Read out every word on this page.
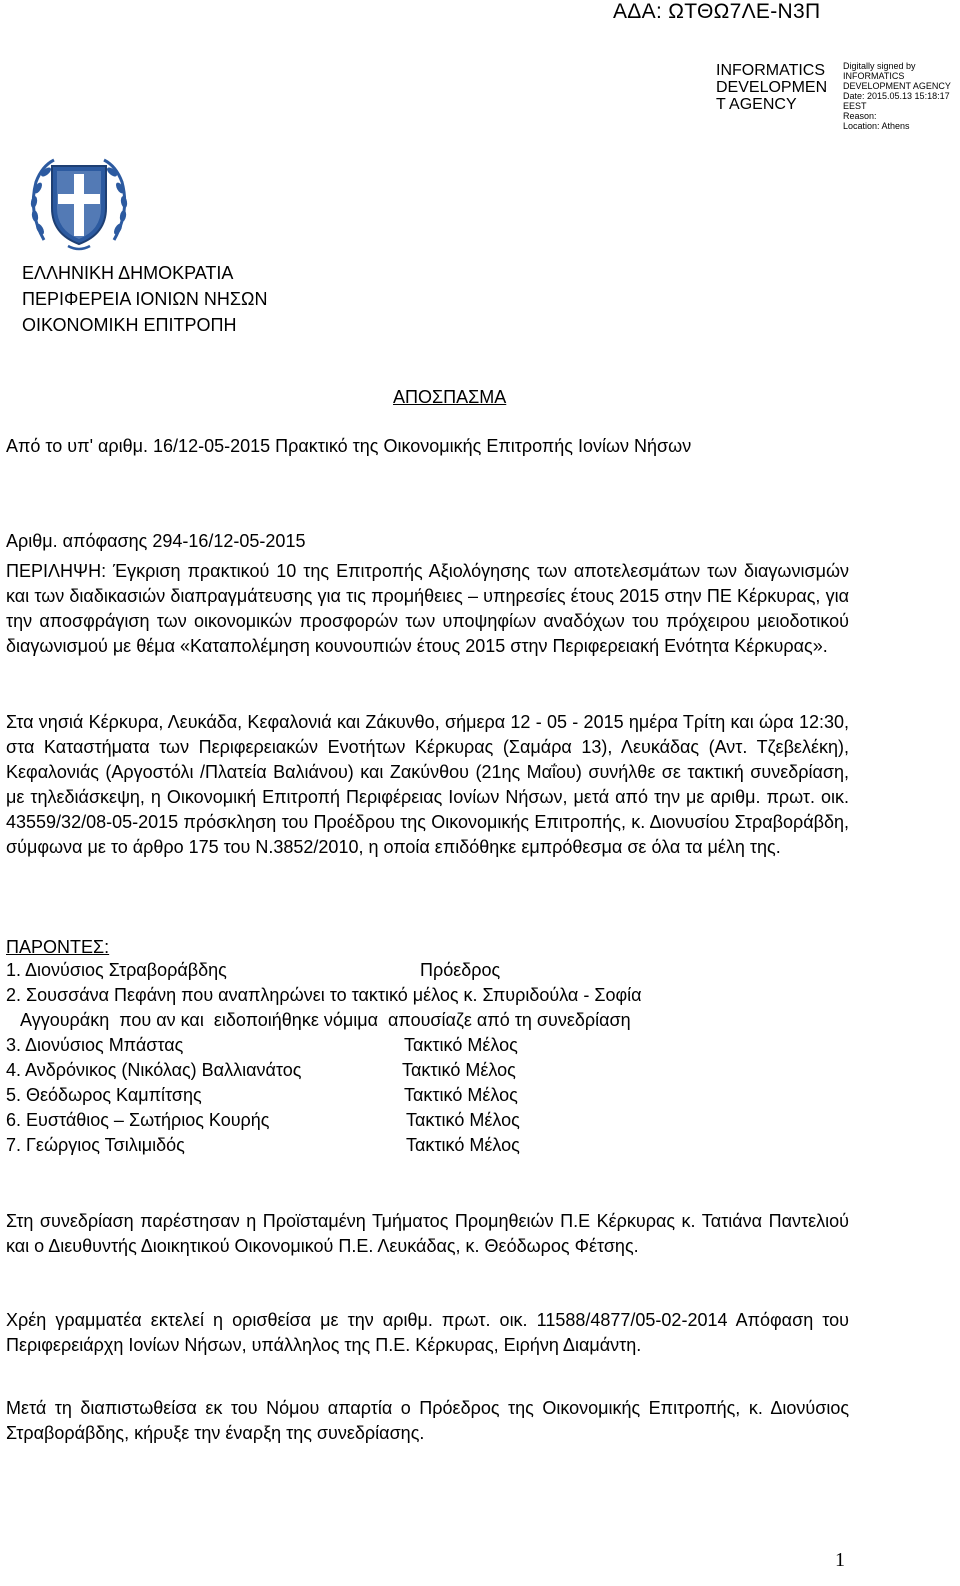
ΑΔΑ: ΩΤΘΩ7ΛΕ-Ν3Π
INFORMATICS
DEVELOPMEN
T AGENCY
Digitally signed by
INFORMATICS
DEVELOPMENT AGENCY
Date: 2015.05.13 15:18:17
EEST
Reason:
Location: Athens
ΕΛΛΗΝΙΚΗ ΔΗΜΟΚΡΑΤΙΑ
ΠΕΡΙΦΕΡΕΙΑ ΙΟΝΙΩΝ ΝΗΣΩΝ
ΟΙΚΟΝΟΜΙΚΗ ΕΠΙΤΡΟΠΗ
ΑΠΟΣΠΑΣΜΑ
Από το υπ' αριθμ. 16/12-05-2015 Πρακτικό της Οικονομικής Επιτροπής Ιονίων Νήσων
Αριθμ. απόφασης 294-16/12-05-2015
ΠΕΡΙΛΗΨΗ: Έγκριση πρακτικού 10 της Επιτροπής Αξιολόγησης των αποτελεσμάτων των διαγωνισμών και των διαδικασιών διαπραγμάτευσης για τις προμήθειες – υπηρεσίες έτους 2015 στην ΠΕ Κέρκυρας, για την αποσφράγιση των οικονομικών προσφορών των υποψηφίων αναδόχων του πρόχειρου μειοδοτικού διαγωνισμού με θέμα «Καταπολέμηση κουνουπιών έτους 2015 στην Περιφερειακή Ενότητα Κέρκυρας».
Στα νησιά Κέρκυρα, Λευκάδα, Κεφαλονιά και Ζάκυνθο, σήμερα 12 - 05 - 2015 ημέρα Τρίτη και ώρα 12:30, στα Καταστήματα των Περιφερειακών Ενοτήτων Κέρκυρας (Σαμάρα 13), Λευκάδας (Αντ. Τζεβελέκη), Κεφαλονιάς (Αργοστόλι /Πλατεία Βαλιάνου) και Ζακύνθου (21ης Μαΐου) συνήλθε σε τακτική συνεδρίαση, με τηλεδιάσκεψη, η Οικονομική Επιτροπή Περιφέρειας Ιονίων Νήσων, μετά από την με αριθμ. πρωτ. οικ. 43559/32/08-05-2015 πρόσκληση του Προέδρου της Οικονομικής Επιτροπής, κ. Διονυσίου Στραβοράβδη, σύμφωνα με το άρθρο 175 του Ν.3852/2010, η οποία επιδόθηκε εμπρόθεσμα σε όλα τα μέλη της.
ΠΑΡΟΝΤΕΣ:
1. Διονύσιος Στραβοράβδης	Πρόεδρος
2. Σουσσάνα Πεφάνη που αναπληρώνει το τακτικό μέλος κ. Σπυριδούλα - Σοφία
Αγγουράκη  που αν και  ειδοποιήθηκε νόμιμα  απουσίαζε από τη συνεδρίαση
3. Διονύσιος Μπάστας	Τακτικό Μέλος
4. Ανδρόνικος (Νικόλας) Βαλλιανάτος	Τακτικό Μέλος
5. Θεόδωρος Καμπίτσης	Τακτικό Μέλος
6. Ευστάθιος – Σωτήριος Κουρής	Τακτικό Μέλος
7. Γεώργιος Τσιλιμιδός	Τακτικό Μέλος
Στη συνεδρίαση παρέστησαν η Προϊσταμένη Τμήματος Προμηθειών Π.Ε Κέρκυρας κ. Τατιάνα Παντελιού και ο Διευθυντής Διοικητικού Οικονομικού Π.Ε. Λευκάδας, κ. Θεόδωρος Φέτσης.
Χρέη γραμματέα εκτελεί η ορισθείσα με την αριθμ. πρωτ. οικ. 11588/4877/05-02-2014 Απόφαση του Περιφερειάρχη Ιονίων Νήσων, υπάλληλος της Π.Ε. Κέρκυρας, Ειρήνη Διαμάντη.
Μετά τη διαπιστωθείσα εκ του Νόμου απαρτία ο Πρόεδρος της Οικονομικής Επιτροπής, κ. Διονύσιος Στραβοράβδης, κήρυξε την έναρξη της συνεδρίασης.
1
